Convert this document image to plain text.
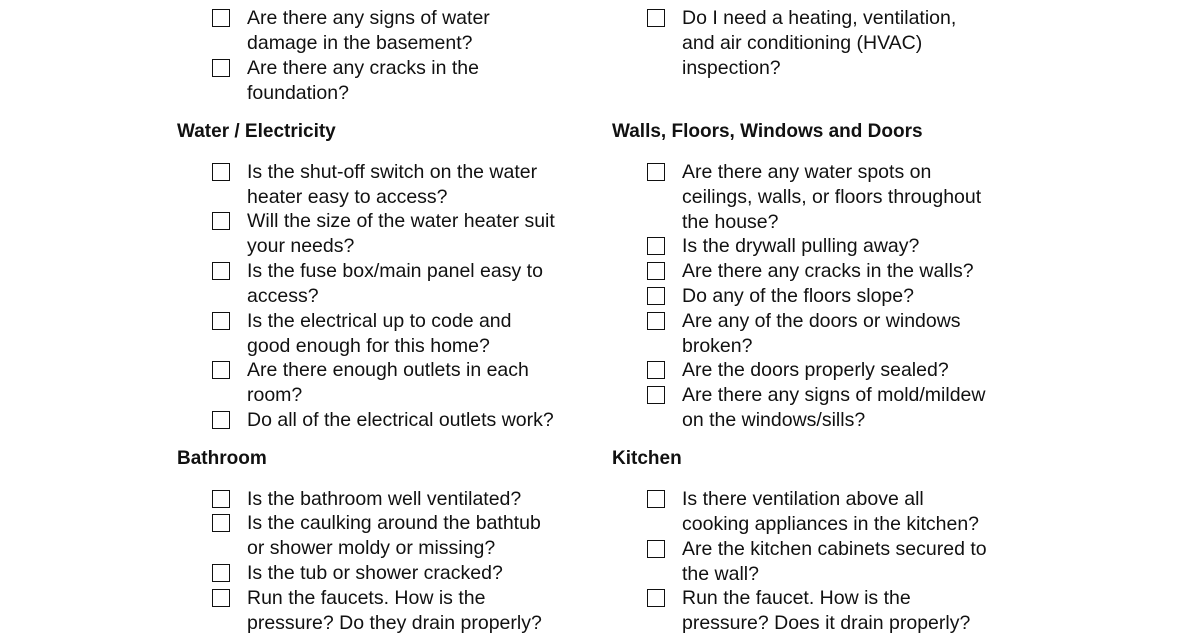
Water / Electricity	Walls, Floors, Windows and Doors
Bathroom	Kitchen
Are there any signs of water
damage in the basement?
Are there any cracks in the
foundation?
Is the shut-off switch on the water
heater easy to access?
Will the size of the water heater suit
your needs?
Is the fuse box/main panel easy to
access?
Is the electrical up to code and
good enough for this home?
Are there enough outlets in each
room?
Do all of the electrical outlets work?
Is the bathroom well ventilated?
Is the caulking around the bathtub
or shower moldy or missing?
Is the tub or shower cracked?
Run the faucets. How is the
pressure? Do they drain properly?
Do I need a heating, ventilation,
and air conditioning (HVAC)
inspection?
Are there any water spots on
ceilings, walls, or floors throughout
the house?
Is the drywall pulling away?
Are there any cracks in the walls?
Do any of the floors slope?
Are any of the doors or windows
broken?
Are the doors properly sealed?
Are there any signs of mold/mildew
on the windows/sills?
Is there ventilation above all
cooking appliances in the kitchen?
Are the kitchen cabinets secured to
the wall?
Run the faucet. How is the
pressure? Does it drain properly?
